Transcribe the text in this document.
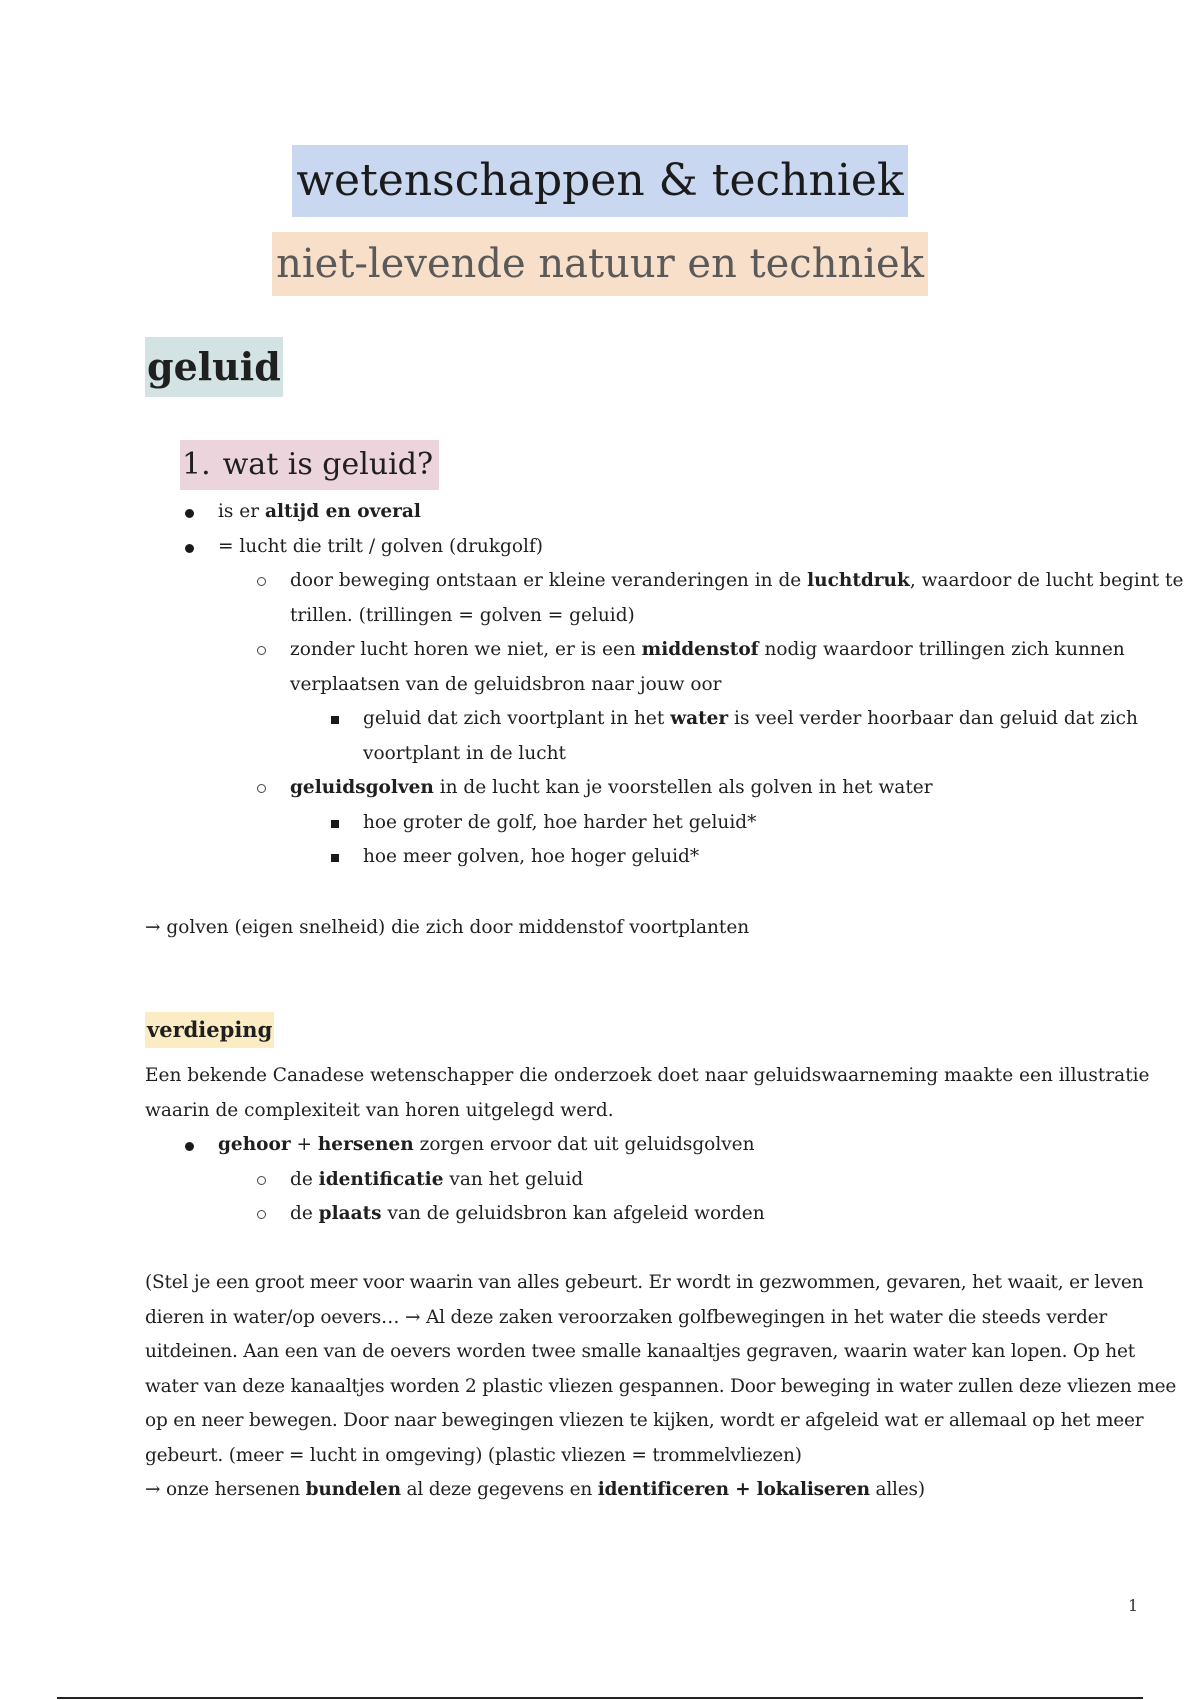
wetenschappen & techniek
niet-levende natuur en techniek
geluid
1. wat is geluid?
is er altijd en overal
= lucht die trilt / golven (drukgolf)
door beweging ontstaan er kleine veranderingen in de luchtdruk, waardoor de lucht begint te
trillen. (trillingen = golven = geluid)
zonder lucht horen we niet, er is een middenstof nodig waardoor trillingen zich kunnen
verplaatsen van de geluidsbron naar jouw oor
geluid dat zich voortplant in het water is veel verder hoorbaar dan geluid dat zich
voortplant in de lucht
geluidsgolven in de lucht kan je voorstellen als golven in het water
hoe groter de golf, hoe harder het geluid*
hoe meer golven, hoe hoger geluid*
→ golven (eigen snelheid) die zich door middenstof voortplanten
verdieping
Een bekende Canadese wetenschapper die onderzoek doet naar geluidswaarneming maakte een illustratie
waarin de complexiteit van horen uitgelegd werd.
gehoor + hersenen zorgen ervoor dat uit geluidsgolven
de identificatie van het geluid
de plaats van de geluidsbron kan afgeleid worden
(Stel je een groot meer voor waarin van alles gebeurt. Er wordt in gezwommen, gevaren, het waait, er leven
dieren in water/op oevers… → Al deze zaken veroorzaken golfbewegingen in het water die steeds verder
uitdeinen. Aan een van de oevers worden twee smalle kanaaltjes gegraven, waarin water kan lopen. Op het
water van deze kanaaltjes worden 2 plastic vliezen gespannen. Door beweging in water zullen deze vliezen mee
op en neer bewegen. Door naar bewegingen vliezen te kijken, wordt er afgeleid wat er allemaal op het meer
gebeurt. (meer = lucht in omgeving) (plastic vliezen = trommelvliezen)
→ onze hersenen bundelen al deze gegevens en identificeren + lokaliseren alles)
1
